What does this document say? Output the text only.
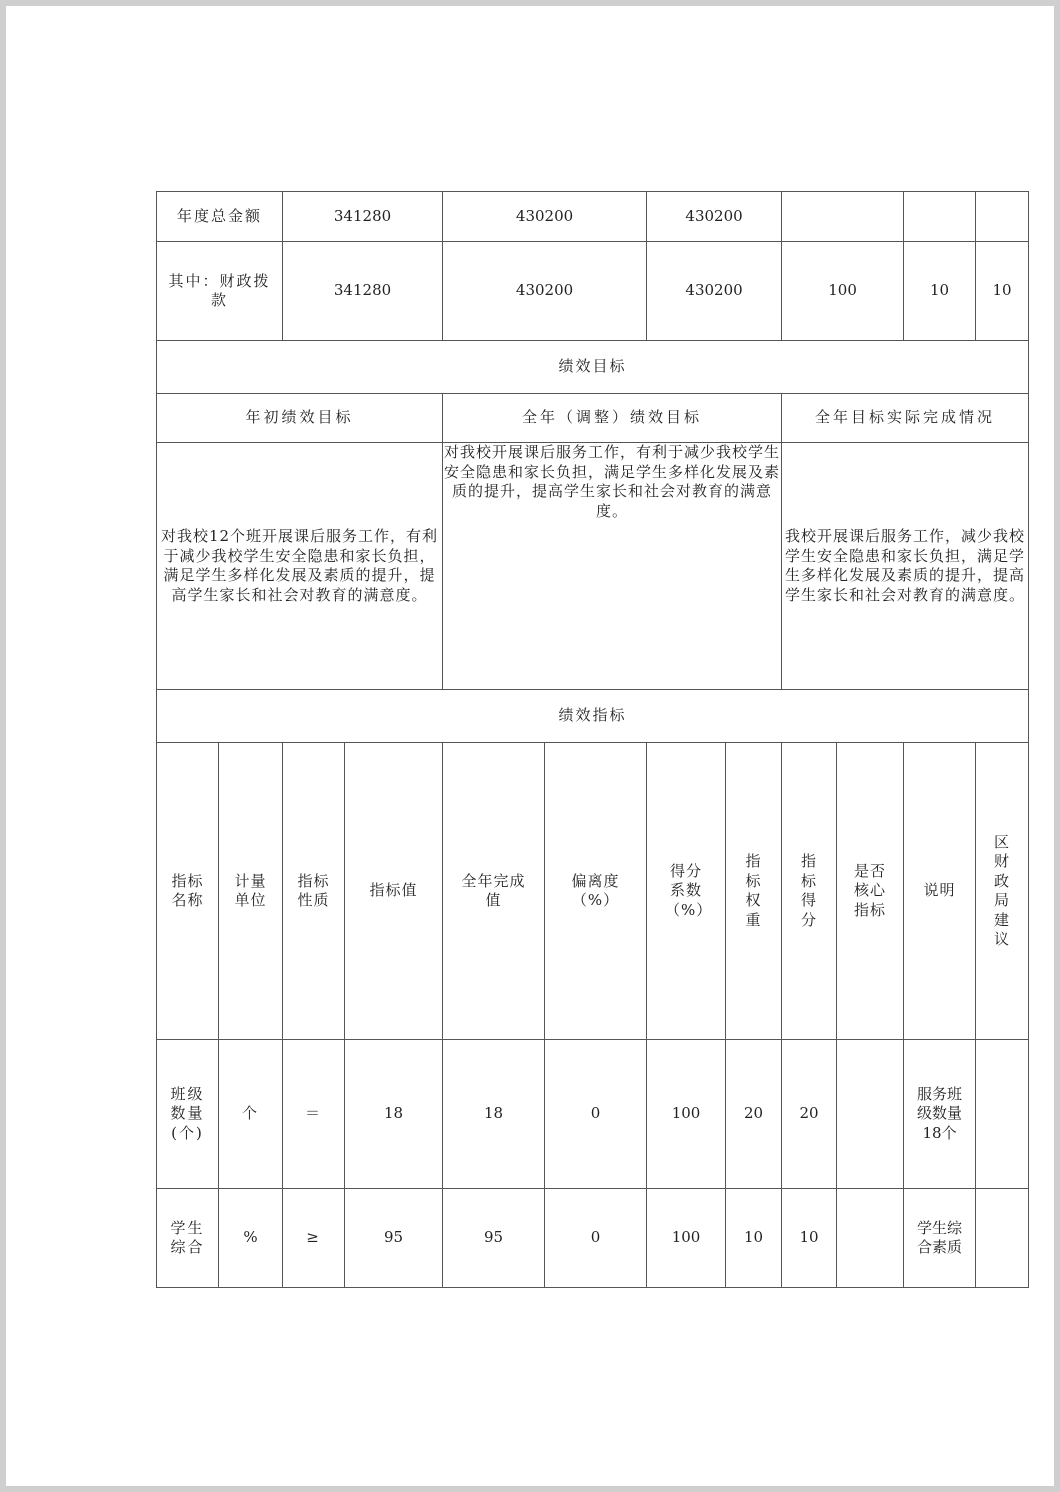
年度总金额		341280		430200		430200					
其中：财政拨款		341280		430200		430200		100		10	10
绩效目标											
年初绩效目标				全年（调整）绩效目标				全年目标实际完成情况			
对我校12个班开展课后服务工作，有利于减少我校学生安全隐患和家长负担，满足学生多样化发展及素质的提升，提高学生家长和社会对教育的满意度。				对我校开展课后服务工作，有利于减少我校学生安全隐患和家长负担，满足学生多样化发展及素质的提升，提高学生家长和社会对教育的满意度。				我校开展课后服务工作，减少我校学生安全隐患和家长负担，满足学生多样化发展及素质的提升，提高学生家长和社会对教育的满意度。			
绩效指标											
指标名称	计量单位	指标性质	指标值	全年完成值	偏离度（%）	得分系数（%）	指标权重	指标得分	是否核心指标	说明	区财政局建议
班级数量(个)	个	＝	18	18	0	100	20	20		服务班级数量18个	
学生综合	%	≥	95	95	0	100	10	10		学生综合素质	
